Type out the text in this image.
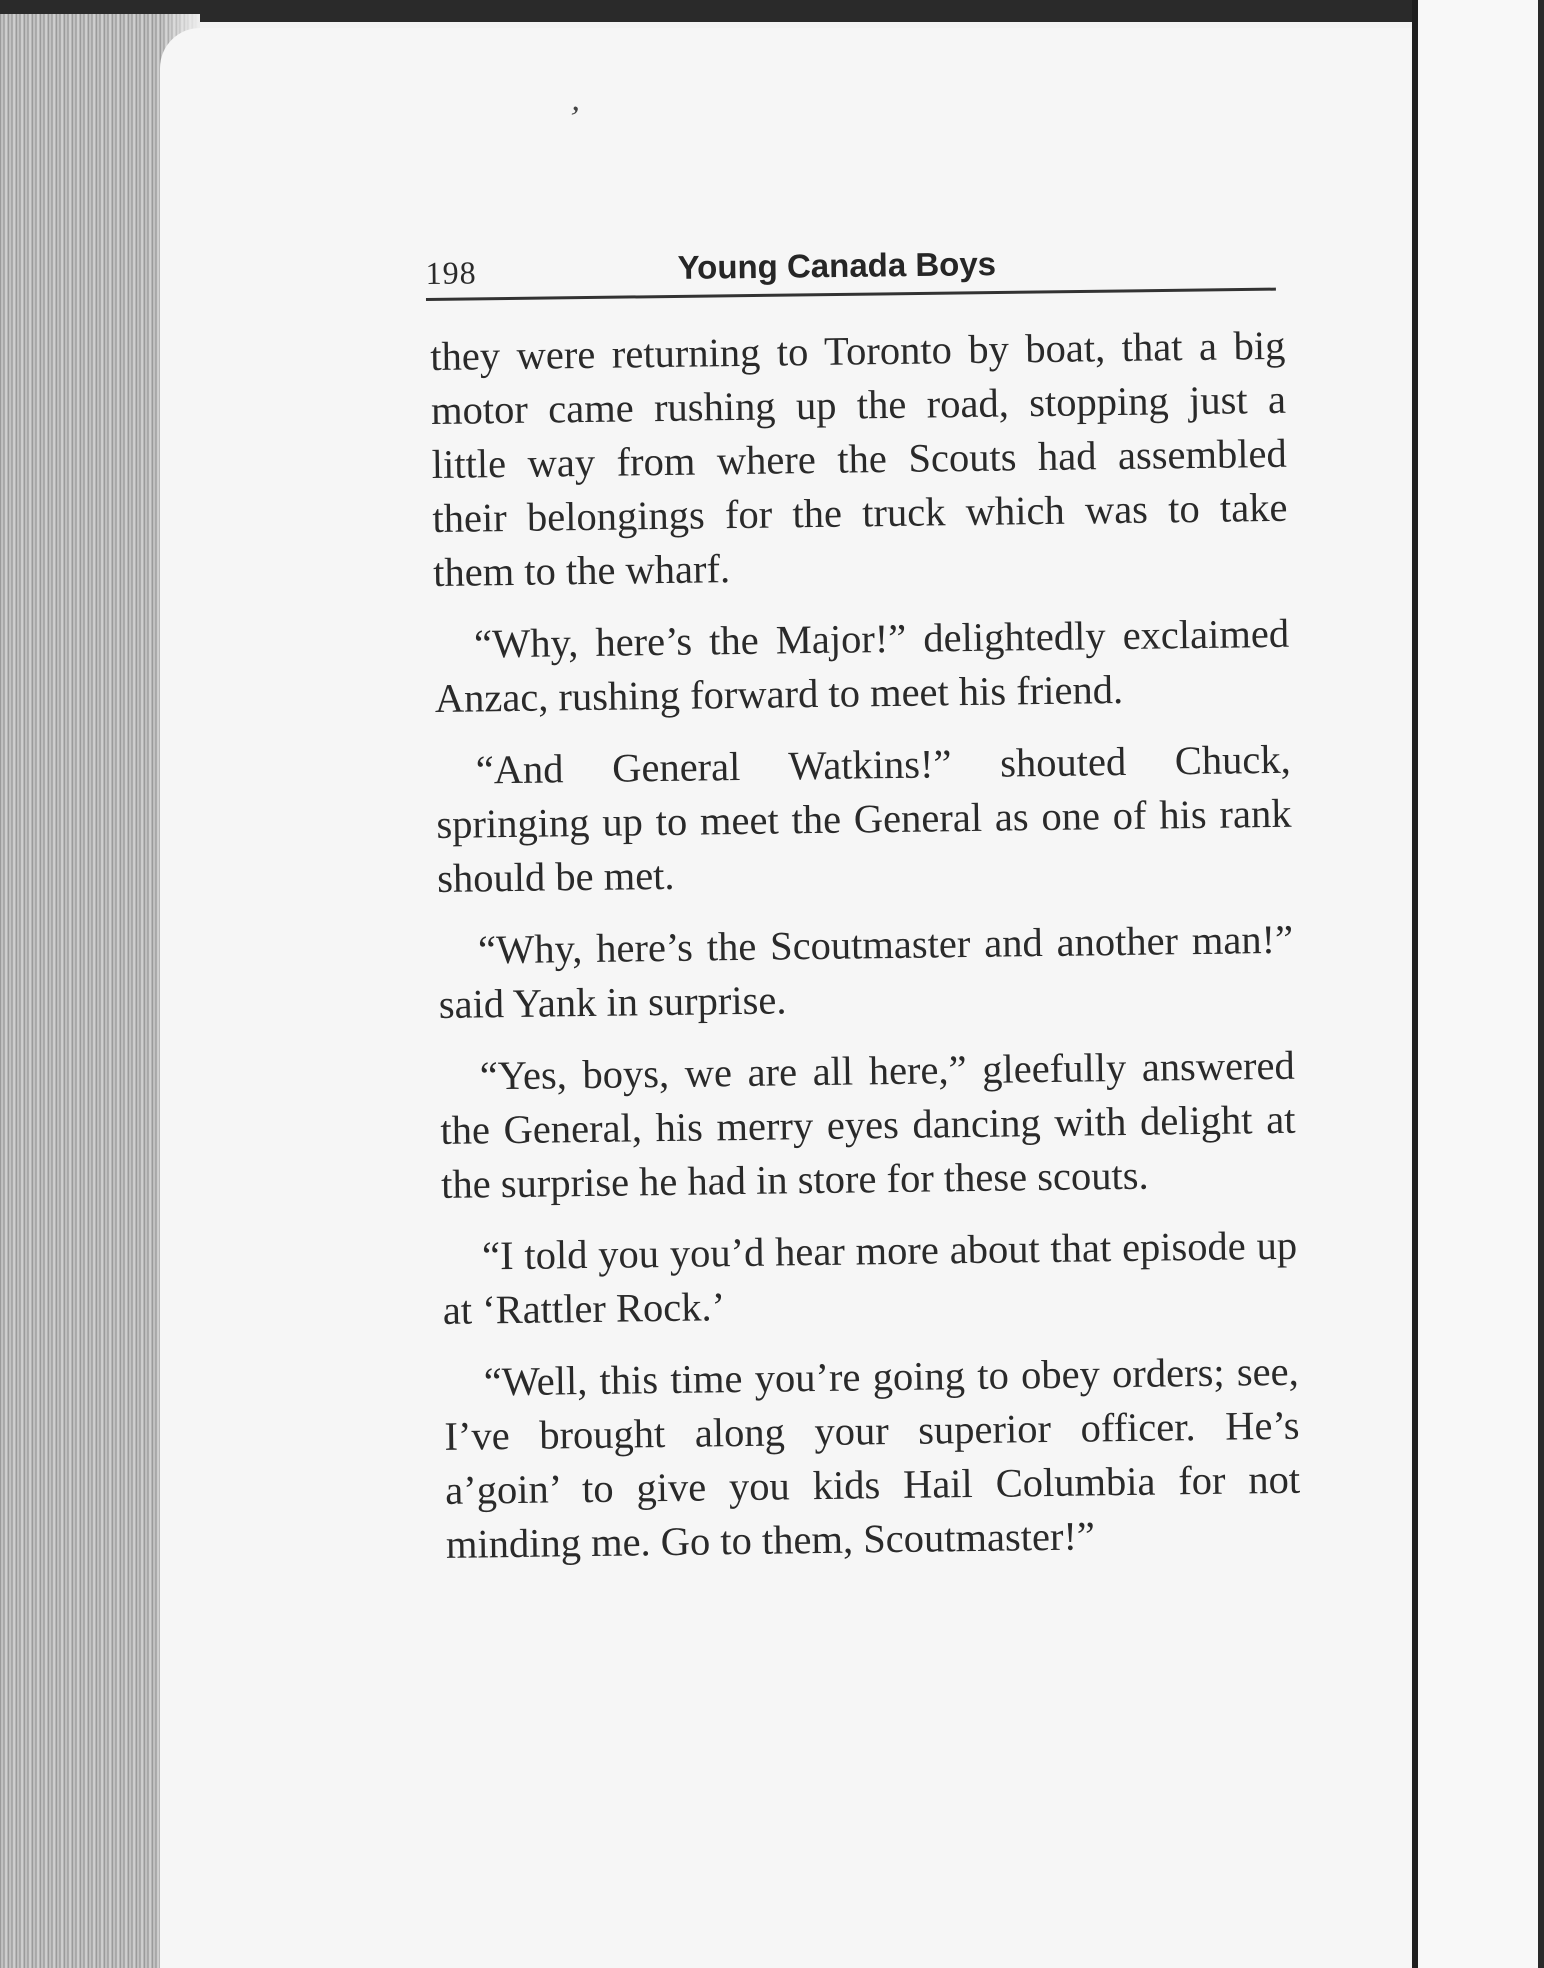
ʼ
198	Young Canada Boys

they were returning to Toronto by boat, that a big motor came rushing up the road, stopping just a little way from where the Scouts had assembled their belongings for the truck which was to take them to the wharf.

“Why, here’s the Major!” delightedly exclaimed Anzac, rushing forward to meet his friend.

“And General Watkins!” shouted Chuck, springing up to meet the General as one of his rank should be met.

“Why, here’s the Scoutmaster and another man!” said Yank in surprise.

“Yes, boys, we are all here,” gleefully answered the General, his merry eyes dancing with delight at the surprise he had in store for these scouts.

“I told you you’d hear more about that episode up at ‘Rattler Rock.’

“Well, this time you’re going to obey orders; see, I’ve brought along your superior officer. He’s a’goin’ to give you kids Hail Columbia for not minding me. Go to them, Scoutmaster!”
